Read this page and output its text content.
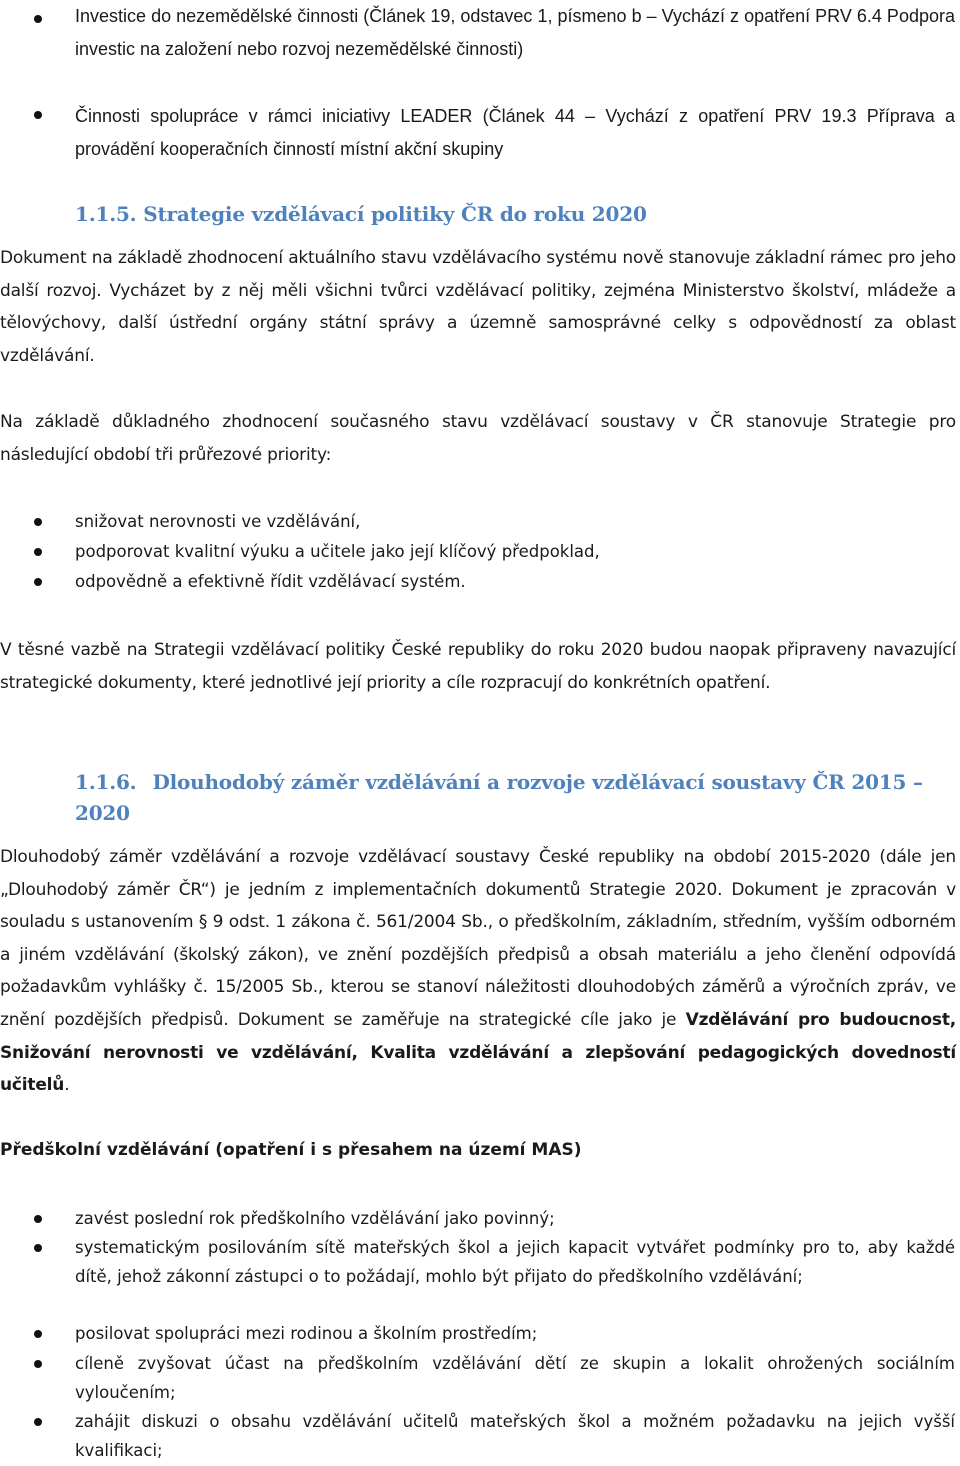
Investice do nezemědělské činnosti (Článek 19, odstavec 1, písmeno b – Vychází z opatření PRV 6.4 Podpora investic na založení nebo rozvoj nezemědělské činnosti)
Činnosti spolupráce v rámci iniciativy LEADER (Článek 44 – Vychází z opatření PRV 19.3 Příprava a provádění kooperačních činností místní akční skupiny
1.1.5. Strategie vzdělávací politiky ČR do roku 2020
Dokument na základě zhodnocení aktuálního stavu vzdělávacího systému nově stanovuje základní rámec pro jeho další rozvoj. Vycházet by z něj měli všichni tvůrci vzdělávací politiky, zejména Ministerstvo školství, mládeže a tělovýchovy, další ústřední orgány státní správy a územně samosprávné celky s odpovědností za oblast vzdělávání.
Na základě důkladného zhodnocení současného stavu vzdělávací soustavy v ČR stanovuje Strategie pro následující období tři průřezové priority:
snižovat nerovnosti ve vzdělávání,
podporovat kvalitní výuku a učitele jako její klíčový předpoklad,
odpovědně a efektivně řídit vzdělávací systém.
V těsné vazbě na Strategii vzdělávací politiky České republiky do roku 2020 budou naopak připraveny navazující strategické dokumenty, které jednotlivé její priority a cíle rozpracují do konkrétních opatření.
1.1.6. Dlouhodobý záměr vzdělávání a rozvoje vzdělávací soustavy ČR 2015 – 2020
Dlouhodobý záměr vzdělávání a rozvoje vzdělávací soustavy České republiky na období 2015-2020 (dále jen „Dlouhodobý záměr ČR“) je jedním z implementačních dokumentů Strategie 2020. Dokument je zpracován v souladu s ustanovením § 9 odst. 1 zákona č. 561/2004 Sb., o předškolním, základním, středním, vyšším odborném a jiném vzdělávání (školský zákon), ve znění pozdějších předpisů a obsah materiálu a jeho členění odpovídá požadavkům vyhlášky č. 15/2005 Sb., kterou se stanoví náležitosti dlouhodobých záměrů a výročních zpráv, ve znění pozdějších předpisů. Dokument se zaměřuje na strategické cíle jako je Vzdělávání pro budoucnost, Snižování nerovnosti ve vzdělávání, Kvalita vzdělávání a zlepšování pedagogických dovedností učitelů.
Předškolní vzdělávání (opatření i s přesahem na území MAS)
zavést poslední rok předškolního vzdělávání jako povinný;
systematickým posilováním sítě mateřských škol a jejich kapacit vytvářet podmínky pro to, aby každé dítě, jehož zákonní zástupci o to požádají, mohlo být přijato do předškolního vzdělávání;
posilovat spolupráci mezi rodinou a školním prostředím;
cíleně zvyšovat účast na předškolním vzdělávání dětí ze skupin a lokalit ohrožených sociálním vyloučením;
zahájit diskuzi o obsahu vzdělávání učitelů mateřských škol a možném požadavku na jejich vyšší kvalifikaci;
